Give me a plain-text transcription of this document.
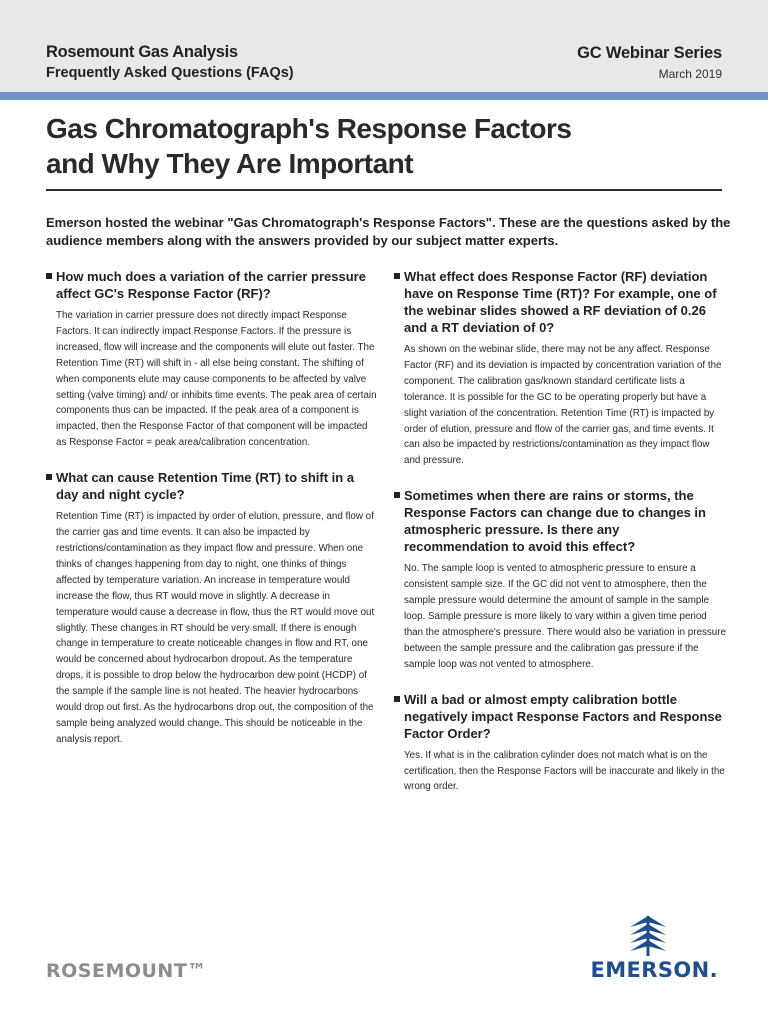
Rosemount Gas Analysis
Frequently Asked Questions (FAQs)
GC Webinar Series
March 2019
Gas Chromatograph's Response Factors
and Why They Are Important
Emerson hosted the webinar "Gas Chromatograph's Response Factors". These are the questions asked by the audience members along with the answers provided by our subject matter experts.
How much does a variation of the carrier pressure affect GC's Response Factor (RF)?
The variation in carrier pressure does not directly impact Response Factors. It can indirectly impact Response Factors. If the pressure is increased, flow will increase and the components will elute out faster. The Retention Time (RT) will shift in - all else being constant. The shifting of when components elute may cause components to be affected by valve setting (valve timing) and/ or inhibits time events. The peak area of certain components thus can be impacted. If the peak area of a component is impacted, then the Response Factor of that component will be impacted as Response Factor = peak area/calibration concentration.
What can cause Retention Time (RT) to shift in a day and night cycle?
Retention Time (RT) is impacted by order of elution, pressure, and flow of the carrier gas and time events. It can also be impacted by restrictions/contamination as they impact flow and pressure. When one thinks of changes happening from day to night, one thinks of things affected by temperature variation. An increase in temperature would increase the flow, thus RT would move in slightly. A decrease in temperature would cause a decrease in flow, thus the RT would move out slightly. These changes in RT should be very small. If there is enough change in temperature to create noticeable changes in flow and RT, one would be concerned about hydrocarbon dropout. As the temperature drops, it is possible to drop below the hydrocarbon dew point (HCDP) of the sample if the sample line is not heated. The heavier hydrocarbons would drop out first. As the hydrocarbons drop out, the composition of the sample being analyzed would change. This should be noticeable in the analysis report.
What effect does Response Factor (RF) deviation have on Response Time (RT)? For example, one of the webinar slides showed a RF deviation of 0.26 and a RT deviation of 0?
As shown on the webinar slide, there may not be any affect. Response Factor (RF) and its deviation is impacted by concentration variation of the component. The calibration gas/known standard certificate lists a tolerance. It is possible for the GC to be operating properly but have a slight variation of the concentration. Retention Time (RT) is impacted by order of elution, pressure and flow of the carrier gas, and time events. It can also be impacted by restrictions/contamination as they impact flow and pressure.
Sometimes when there are rains or storms, the Response Factors can change due to changes in atmospheric pressure. Is there any recommendation to avoid this effect?
No. The sample loop is vented to atmospheric pressure to ensure a consistent sample size. If the GC did not vent to atmosphere, then the sample pressure would determine the amount of sample in the sample loop. Sample pressure is more likely to vary within a given time period than the atmosphere's pressure. There would also be variation in pressure between the sample pressure and the calibration gas pressure if the sample loop was not vented to atmosphere.
Will a bad or almost empty calibration bottle negatively impact Response Factors and Response Factor Order?
Yes. If what is in the calibration cylinder does not match what is on the certification, then the Response Factors will be inaccurate and likely in the wrong order.
ROSEMOUNT™	EMERSON.
